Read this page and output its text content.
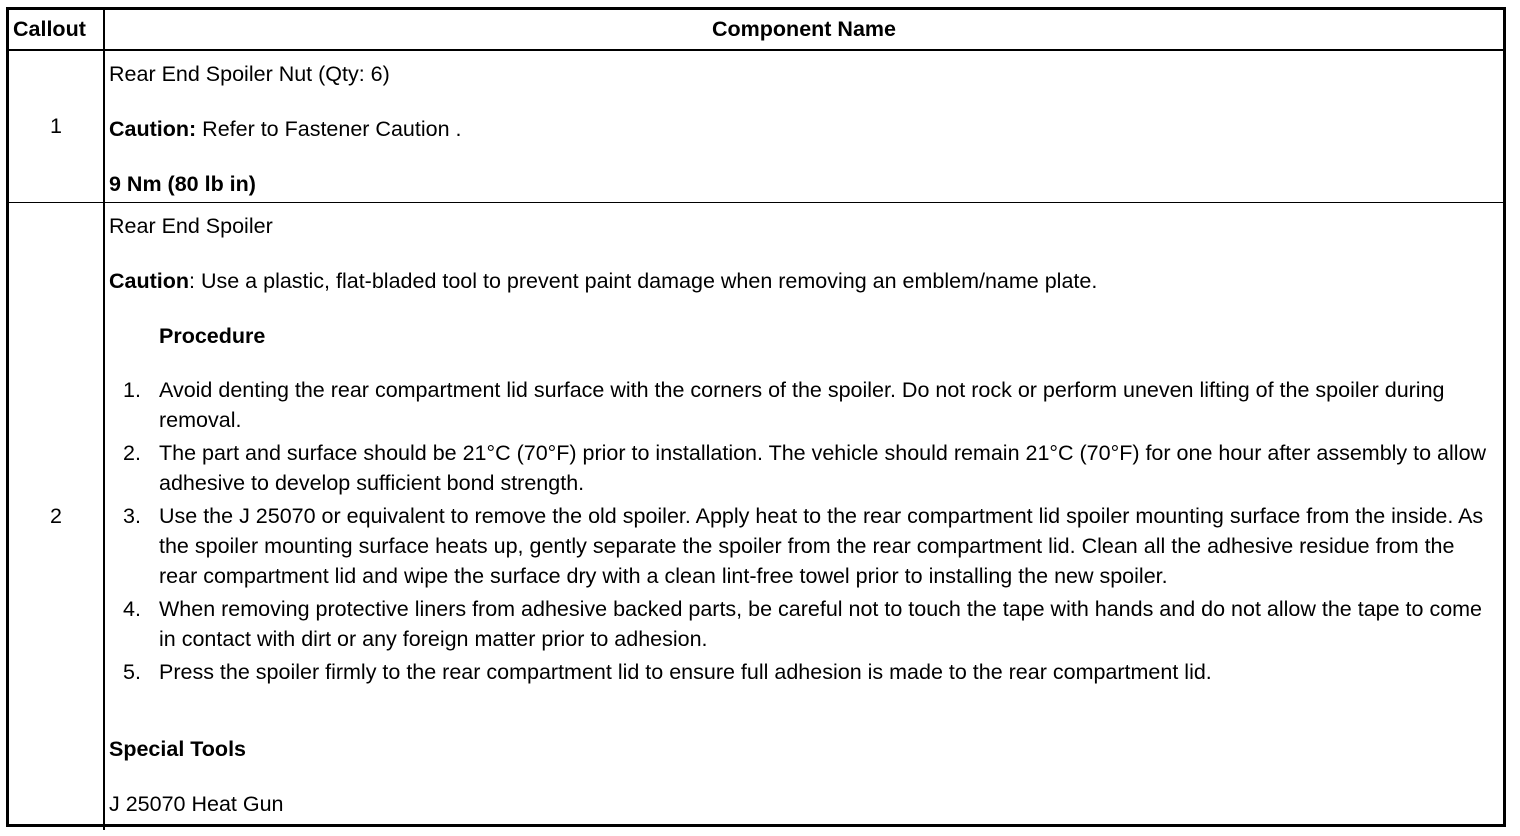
Callout	Component Name
1
Rear End Spoiler Nut (Qty: 6)
Caution: Refer to Fastener Caution .
9 Nm (80 lb in)
2
Rear End Spoiler
Caution: Use a plastic, flat-bladed tool to prevent paint damage when removing an emblem/name plate.
Procedure
1. Avoid denting the rear compartment lid surface with the corners of the spoiler. Do not rock or perform uneven lifting of the spoiler during removal.
2. The part and surface should be 21°C (70°F) prior to installation. The vehicle should remain 21°C (70°F) for one hour after assembly to allow adhesive to develop sufficient bond strength.
3. Use the J 25070 or equivalent to remove the old spoiler. Apply heat to the rear compartment lid spoiler mounting surface from the inside. As the spoiler mounting surface heats up, gently separate the spoiler from the rear compartment lid. Clean all the adhesive residue from the rear compartment lid and wipe the surface dry with a clean lint-free towel prior to installing the new spoiler.
4. When removing protective liners from adhesive backed parts, be careful not to touch the tape with hands and do not allow the tape to come in contact with dirt or any foreign matter prior to adhesion.
5. Press the spoiler firmly to the rear compartment lid to ensure full adhesion is made to the rear compartment lid.
Special Tools
J 25070 Heat Gun
